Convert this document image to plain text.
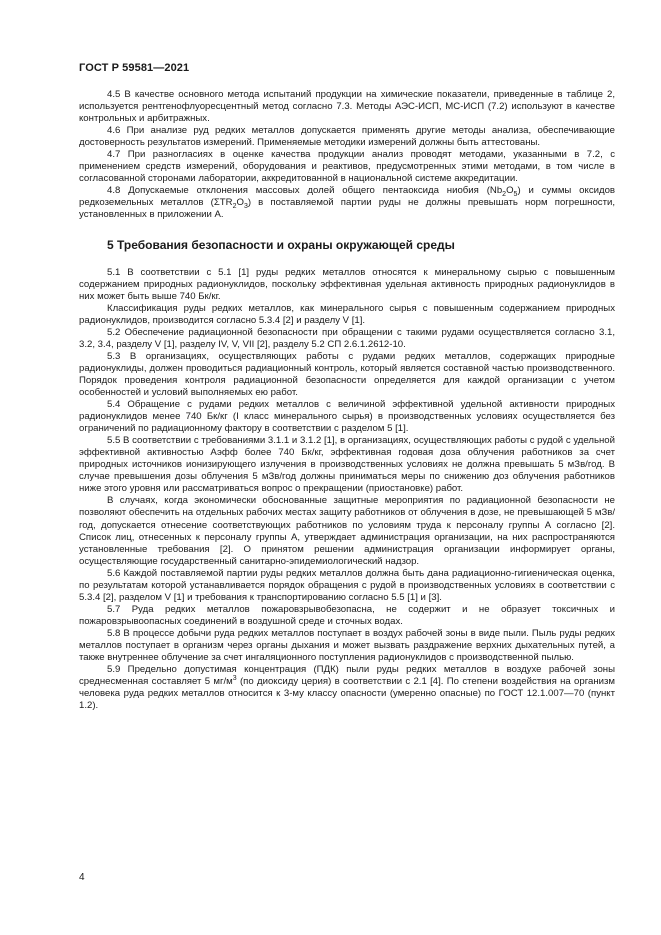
ГОСТ Р 59581—2021

4.5 В качестве основного метода испытаний продукции на химические показатели, приведенные в таблице 2, используется рентгенофлуоресцентный метод согласно 7.3. Методы АЭС-ИСП, МС-ИСП (7.2) используют в качестве контрольных и арбитражных.

4.6 При анализе руд редких металлов допускается применять другие методы анализа, обеспечивающие достоверность результатов измерений. Применяемые методики измерений должны быть аттестованы.

4.7 При разногласиях в оценке качества продукции анализ проводят методами, указанными в 7.2, с применением средств измерений, оборудования и реактивов, предусмотренных этими методами, в том числе в согласованной сторонами лаборатории, аккредитованной в национальной системе аккредитации.

4.8 Допускаемые отклонения массовых долей общего пентаоксида ниобия $(Nb_2O_5)$ и суммы оксидов редкоземельных металлов $(\Sigma TR_2O_3)$ в поставляемой партии руды не должны превышать норм погрешности, установленных в приложении А.

5 Требования безопасности и охраны окружающей среды

5.1 В соответствии с 5.1 [1] руды редких металлов относятся к минеральному сырью с повышенным содержанием природных радионуклидов, поскольку эффективная удельная активность природных радионуклидов в них может быть выше 740 Бк/кг.

Классификация руды редких металлов, как минерального сырья с повышенным содержанием природных радионуклидов, производится согласно 5.3.4 [2] и разделу V [1].

5.2 Обеспечение радиационной безопасности при обращении с такими рудами осуществляется согласно 3.1, 3.2, 3.4, разделу V [1], разделу IV, V, VII [2], разделу 5.2 СП 2.6.1.2612-10.

5.3 В организациях, осуществляющих работы с рудами редких металлов, содержащих природные радионуклиды, должен проводиться радиационный контроль, который является составной частью производственного. Порядок проведения контроля радиационной безопасности определяется для каждой организации с учетом особенностей и условий выполняемых ею работ.

5.4 Обращение с рудами редких металлов с величиной эффективной удельной активности природных радионуклидов менее 740 Бк/кг (I класс минерального сырья) в производственных условиях осуществляется без ограничений по радиационному фактору в соответствии с разделом 5 [1].

5.5 В соответствии с требованиями 3.1.1 и 3.1.2 [1], в организациях, осуществляющих работы с рудой с удельной эффективной активностью Аэфф более 740 Бк/кг, эффективная годовая доза облучения работников за счет природных источников ионизирующего излучения в производственных условиях не должна превышать 5 мЗв/год. В случае превышения дозы облучения 5 мЗв/год должны приниматься меры по снижению доз облучения работников ниже этого уровня или рассматриваться вопрос о прекращении (приостановке) работ.

В случаях, когда экономически обоснованные защитные мероприятия по радиационной безопасности не позволяют обеспечить на отдельных рабочих местах защиту работников от облучения в дозе, не превышающей 5 мЗв/год, допускается отнесение соответствующих работников по условиям труда к персоналу группы А согласно [2]. Список лиц, отнесенных к персоналу группы А, утверждает администрация организации, на них распространяются установленные требования [2]. О принятом решении администрация организации информирует органы, осуществляющие государственный санитарно-эпидемиологический надзор.

5.6 Каждой поставляемой партии руды редких металлов должна быть дана радиационно-гигиеническая оценка, по результатам которой устанавливается порядок обращения с рудой в производственных условиях в соответствии с 5.3.4 [2], разделом V [1] и требования к транспортированию согласно 5.5 [1] и [3].

5.7 Руда редких металлов пожаровзрывобезопасна, не содержит и не образует токсичных и пожаровзрывоопасных соединений в воздушной среде и сточных водах.

5.8 В процессе добычи руда редких металлов поступает в воздух рабочей зоны в виде пыли. Пыль руды редких металлов поступает в организм через органы дыхания и может вызвать раздражение верхних дыхательных путей, а также внутреннее облучение за счет ингаляционного поступления радионуклидов с производственной пылью.

5.9 Предельно допустимая концентрация (ПДК) пыли руды редких металлов в воздухе рабочей зоны среднесменная составляет 5 $мг/м^3$ (по диоксиду церия) в соответствии с 2.1 [4]. По степени воздействия на организм человека руда редких металлов относится к 3-му классу опасности (умеренно опасные) по ГОСТ 12.1.007—70 (пункт 1.2).

4
